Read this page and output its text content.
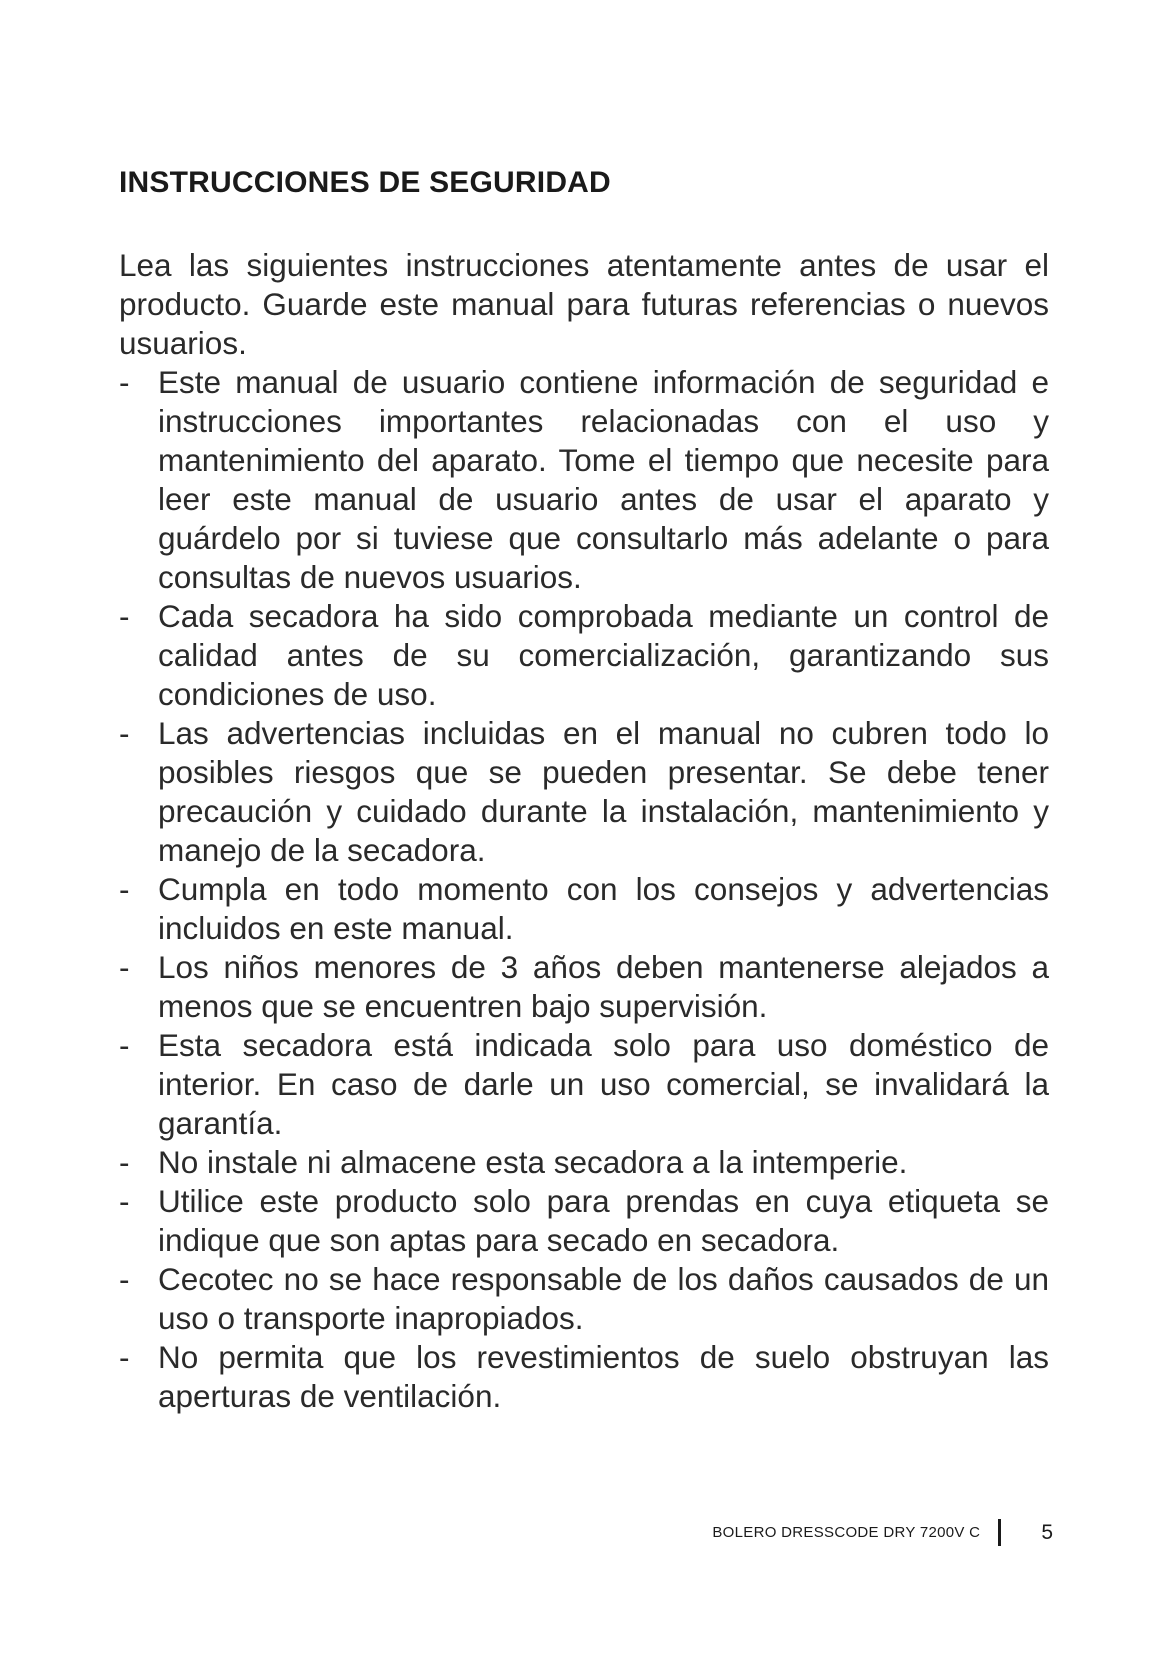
INSTRUCCIONES DE SEGURIDAD

Lea las siguientes instrucciones atentamente antes de usar el producto. Guarde este manual para futuras referencias o nuevos usuarios.

- Este manual de usuario contiene información de seguridad e instrucciones importantes relacionadas con el uso y mantenimiento del aparato. Tome el tiempo que necesite para leer este manual de usuario antes de usar el aparato y guárdelo por si tuviese que consultarlo más adelante o para consultas de nuevos usuarios.
- Cada secadora ha sido comprobada mediante un control de calidad antes de su comercialización, garantizando sus condiciones de uso.
- Las advertencias incluidas en el manual no cubren todo lo posibles riesgos que se pueden presentar. Se debe tener precaución y cuidado durante la instalación, mantenimiento y manejo de la secadora.
- Cumpla en todo momento con los consejos y advertencias incluidos en este manual.
- Los niños menores de 3 años deben mantenerse alejados a menos que se encuentren bajo supervisión.
- Esta secadora está indicada solo para uso doméstico de interior. En caso de darle un uso comercial, se invalidará la garantía.
- No instale ni almacene esta secadora a la intemperie.
- Utilice este producto solo para prendas en cuya etiqueta se indique que son aptas para secado en secadora.
- Cecotec no se hace responsable de los daños causados de un uso o transporte inapropiados.
- No permita que los revestimientos de suelo obstruyan las aperturas de ventilación.
BOLERO DRESSCODE DRY 7200V C	5
